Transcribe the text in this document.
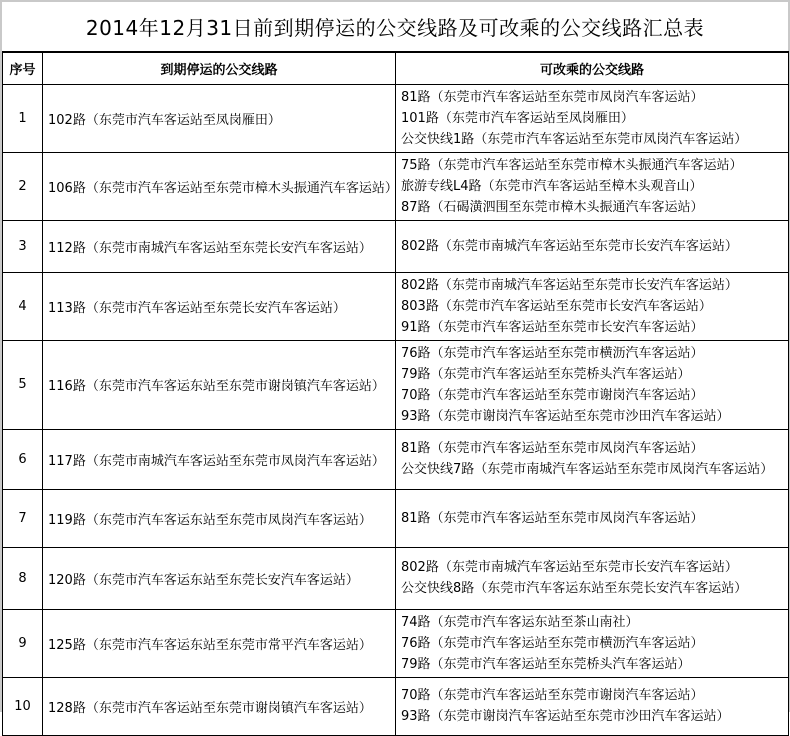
2014年12月31日前到期停运的公交线路及可改乘的公交线路汇总表
序号	到期停运的公交线路	可改乘的公交线路
1	102路（东莞市汽车客运站至凤岗雁田）	81路（东莞市汽车客运站至东莞市凤岗汽车客运站）
101路（东莞市汽车客运站至凤岗雁田）
公交快线1路（东莞市汽车客运站至东莞市凤岗汽车客运站）

2	106路（东莞市汽车客运站至东莞市樟木头振通汽车客运站）	75路（东莞市汽车客运站至东莞市樟木头振通汽车客运站）
旅游专线L4路（东莞市汽车客运站至樟木头观音山）
87路（石碣潢泗围至东莞市樟木头振通汽车客运站）

3	112路（东莞市南城汽车客运站至东莞长安汽车客运站）	802路（东莞市南城汽车客运站至东莞市长安汽车客运站）

4	113路（东莞市汽车客运站至东莞长安汽车客运站）	802路（东莞市南城汽车客运站至东莞市长安汽车客运站）
803路（东莞市汽车客运站至东莞市长安汽车客运站）
91路（东莞市汽车客运站至东莞市长安汽车客运站）

5	116路（东莞市汽车客运东站至东莞市谢岗镇汽车客运站）	76路（东莞市汽车客运站至东莞市横沥汽车客运站）
79路（东莞市汽车客运站至东莞桥头汽车客运站）
70路（东莞市汽车客运站至东莞市谢岗汽车客运站）
93路（东莞市谢岗汽车客运站至东莞市沙田汽车客运站）

6	117路（东莞市南城汽车客运站至东莞市凤岗汽车客运站）	81路（东莞市汽车客运站至东莞市凤岗汽车客运站）
公交快线7路（东莞市南城汽车客运站至东莞市凤岗汽车客运站）

7	119路（东莞市汽车客运东站至东莞市凤岗汽车客运站）	81路（东莞市汽车客运站至东莞市凤岗汽车客运站）

8	120路（东莞市汽车客运东站至东莞长安汽车客运站）	802路（东莞市南城汽车客运站至东莞市长安汽车客运站）
公交快线8路（东莞市汽车客运东站至东莞长安汽车客运站）

9	125路（东莞市汽车客运东站至东莞市常平汽车客运站）	74路（东莞市汽车客运东站至茶山南社）
76路（东莞市汽车客运站至东莞市横沥汽车客运站）
79路（东莞市汽车客运站至东莞桥头汽车客运站）

10	128路（东莞市汽车客运站至东莞市谢岗镇汽车客运站）	70路（东莞市汽车客运站至东莞市谢岗汽车客运站）
93路（东莞市谢岗汽车客运站至东莞市沙田汽车客运站）
